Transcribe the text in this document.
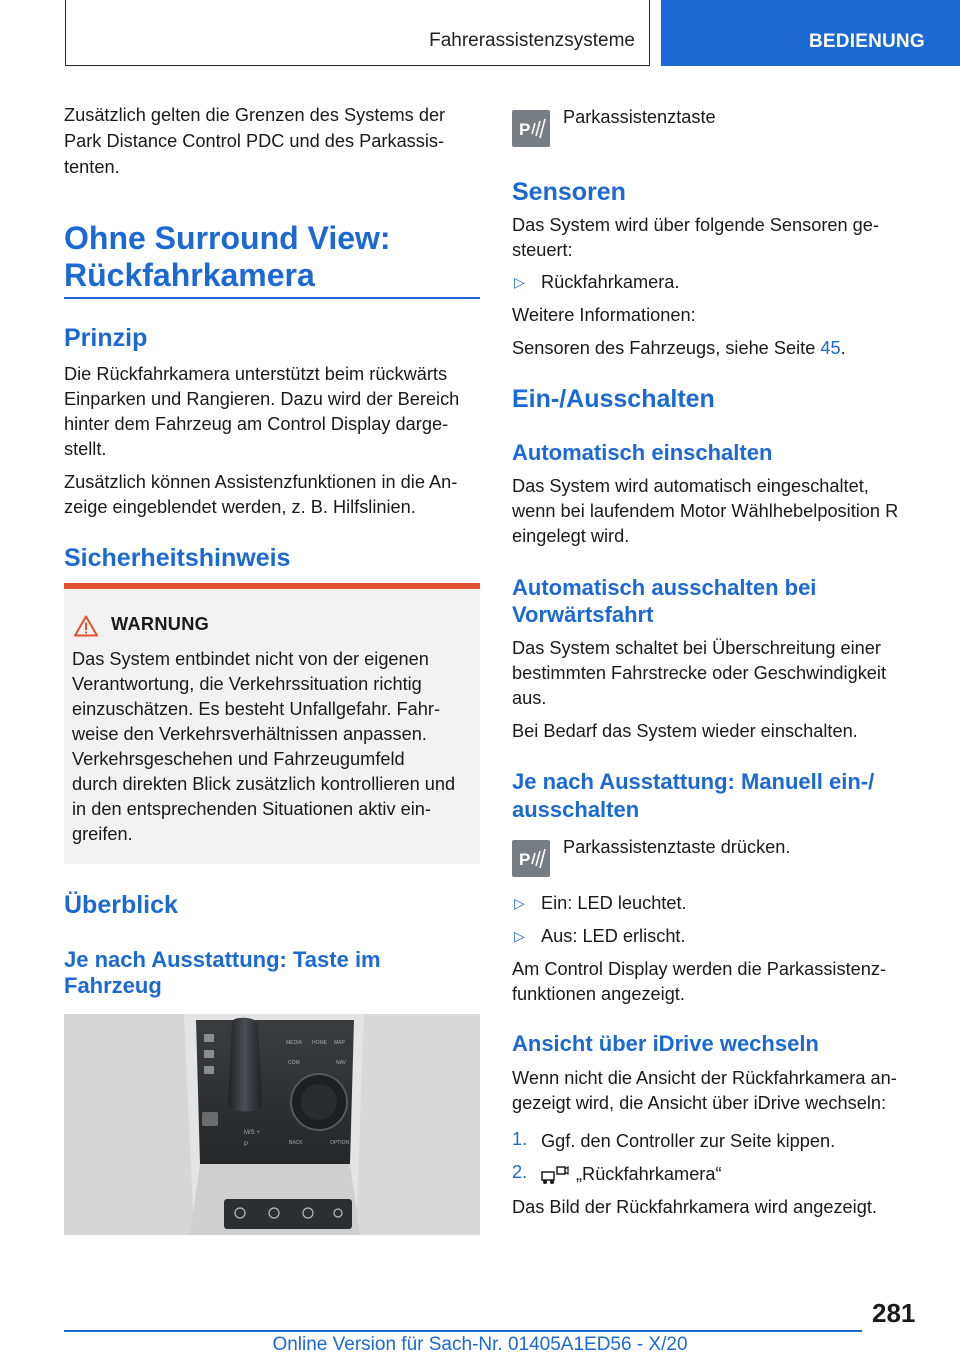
Fahrerassistenzsysteme	BEDIENUNG
Zusätzlich gelten die Grenzen des Systems der
Park Distance Control PDC und des Parkassis-
tenten.
Ohne Surround View:
Rückfahrkamera
Prinzip
Die Rückfahrkamera unterstützt beim rückwärts
Einparken und Rangieren. Dazu wird der Bereich
hinter dem Fahrzeug am Control Display darge-
stellt.
Zusätzlich können Assistenzfunktionen in die An-
zeige eingeblendet werden, z. B. Hilfslinien.
Sicherheitshinweis
WARNUNG
Das System entbindet nicht von der eigenen
Verantwortung, die Verkehrssituation richtig
einzuschätzen. Es besteht Unfallgefahr. Fahr-
weise den Verkehrsverhältnissen anpassen.
Verkehrsgeschehen und Fahrzeugumfeld
durch direkten Blick zusätzlich kontrollieren und
in den entsprechenden Situationen aktiv ein-
greifen.
Überblick
Je nach Ausstattung: Taste im
Fahrzeug
M/S +
P
MEDIA HOME MAP
COM	NAV
BACK	OPTION
P
Parkassistenztaste
Sensoren
Das System wird über folgende Sensoren ge-
steuert:
▷ Rückfahrkamera.
Weitere Informationen:
Sensoren des Fahrzeugs, siehe Seite 45.
Ein-/Ausschalten
Automatisch einschalten
Das System wird automatisch eingeschaltet,
wenn bei laufendem Motor Wählhebelposition R
eingelegt wird.
Automatisch ausschalten bei
Vorwärtsfahrt
Das System schaltet bei Überschreitung einer
bestimmten Fahrstrecke oder Geschwindigkeit
aus.
Bei Bedarf das System wieder einschalten.
Je nach Ausstattung: Manuell ein-/
ausschalten
P
Parkassistenztaste drücken.
▷ Ein: LED leuchtet.
▷ Aus: LED erlischt.
Am Control Display werden die Parkassistenz-
funktionen angezeigt.
Ansicht über iDrive wechseln
Wenn nicht die Ansicht der Rückfahrkamera an-
gezeigt wird, die Ansicht über iDrive wechseln:
1. Ggf. den Controller zur Seite kippen.
2.	„Rückfahrkamera“
Das Bild der Rückfahrkamera wird angezeigt.
281
Online Version für Sach-Nr. 01405A1ED56 - X/20
